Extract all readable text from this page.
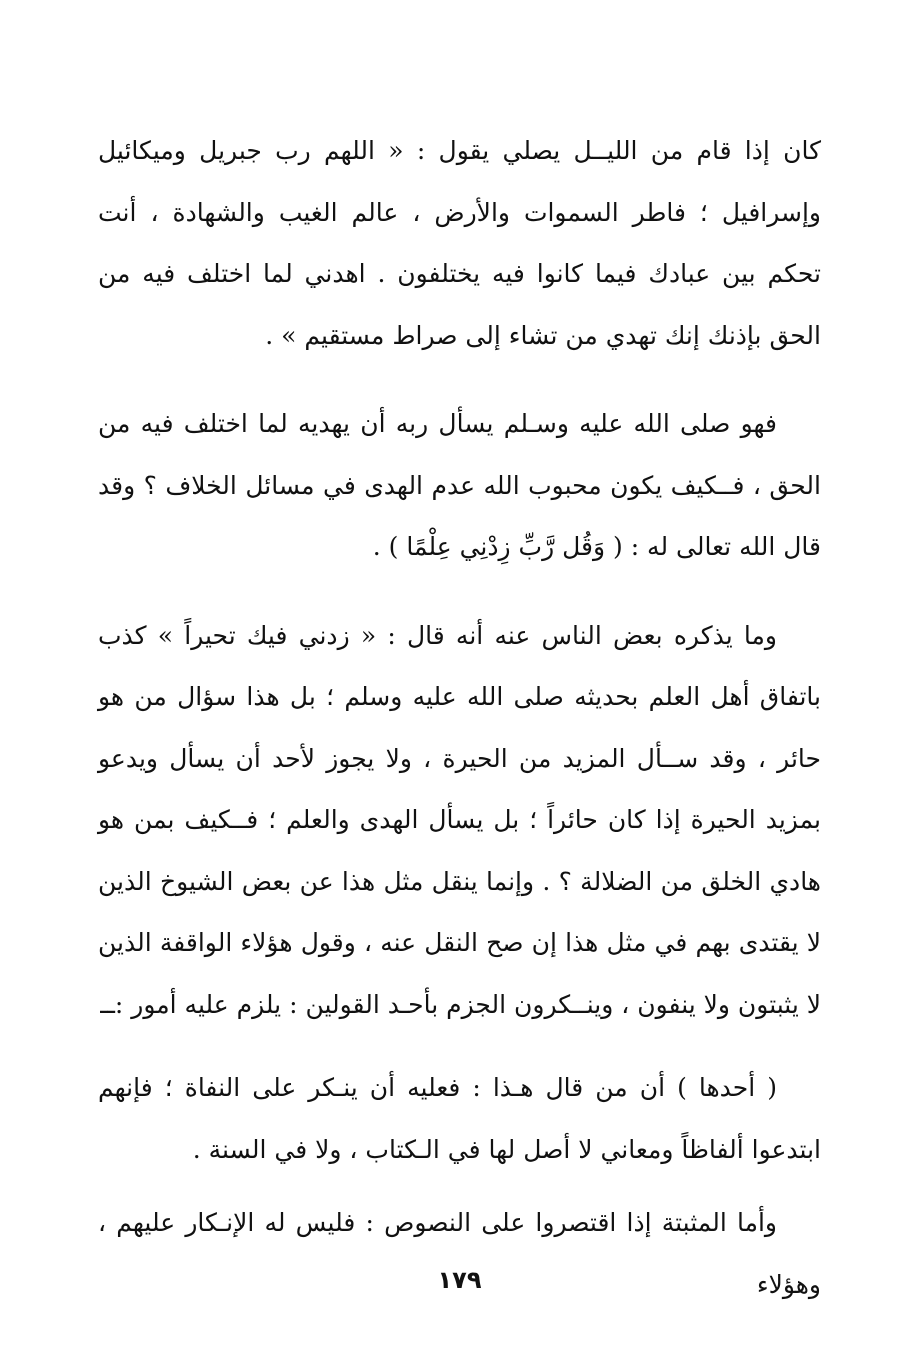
كان إذا قام من الليــل يصلي يقول : « اللهم رب جبريل وميكائيل وإسرافيل ؛ فاطر السموات والأرض ، عالم الغيب والشهادة ، أنت تحكم بين عبادك فيما كانوا فيه يختلفون . اهدني لما اختلف فيه من الحق بإذنك إنك تهدي من تشاء إلى صراط مستقيم » .

فهو صلى الله عليه وسـلم يسأل ربه أن يهديه لما اختلف فيه من الحق ، فــكيف يكون محبوب الله عدم الهدى في مسائل الخلاف ؟ وقد قال الله تعالى له : ( وَقُل رَّبِّ زِدْنِي عِلْمًا ) .

وما يذكره بعض الناس عنه أنه قال : « زدني فيك تحيراً » كذب باتفاق أهل العلم بحديثه صلى الله عليه وسلم ؛ بل هذا سؤال من هو حائر ، وقد ســأل المزيد من الحيرة ، ولا يجوز لأحد أن يسأل ويدعو بمزيد الحيرة إذا كان حائراً ؛ بل يسأل الهدى والعلم ؛ فــكيف بمن هو هادي الخلق من الضلالة ؟ . وإنما ينقل مثل هذا عن بعض الشيوخ الذين لا يقتدى بهم في مثل هذا إن صح النقل عنه ، وقول هؤلاء الواقفة الذين لا يثبتون ولا ينفون ، وينــكرون الجزم بأحـد القولين : يلزم عليه أمور :ــ

( أحدها ) أن من قال هـذا : فعليه أن ينـكر على النفاة ؛ فإنهم ابتدعوا ألفاظاً ومعاني لا أصل لها في الـكتاب ، ولا في السنة .

وأما المثبتة إذا اقتصروا على النصوص : فليس له الإنـكار عليهم ، وهؤلاء

١٧٩
